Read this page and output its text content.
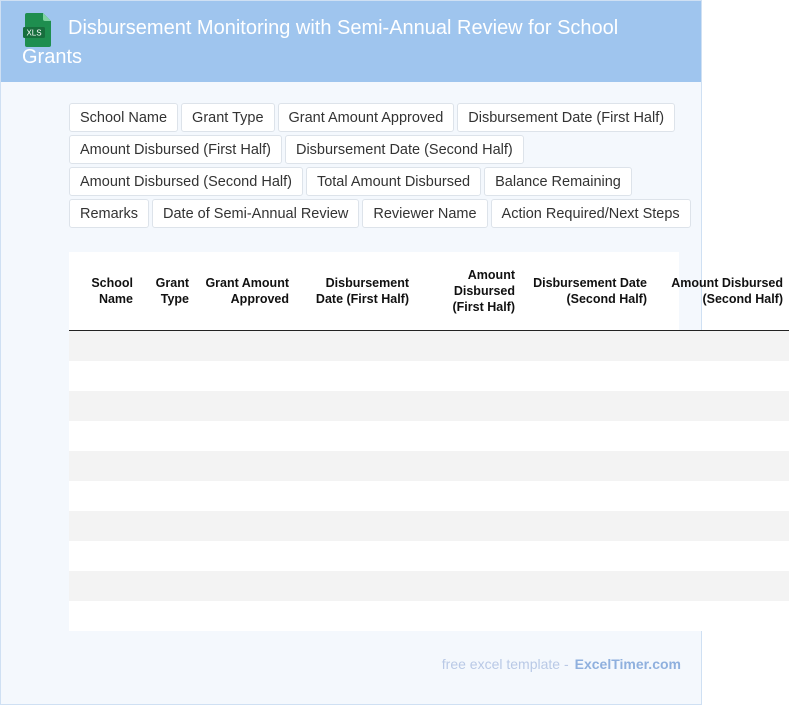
XLS	Disbursement Monitoring with Semi-Annual Review for School Grants
School Name	Grant Type	Grant Amount Approved	Disbursement Date (First Half)
Amount Disbursed (First Half)	Disbursement Date (Second Half)
Amount Disbursed (Second Half)	Total Amount Disbursed	Balance Remaining
Remarks	Date of Semi-Annual Review	Reviewer Name	Action Required/Next Steps
School Name	Grant Type	Grant Amount Approved	Disbursement Date (First Half)	Amount Disbursed (First Half)	Disbursement Date (Second Half)	Amount Disbursed (Second Half)

free excel template - ExcelTimer.com
